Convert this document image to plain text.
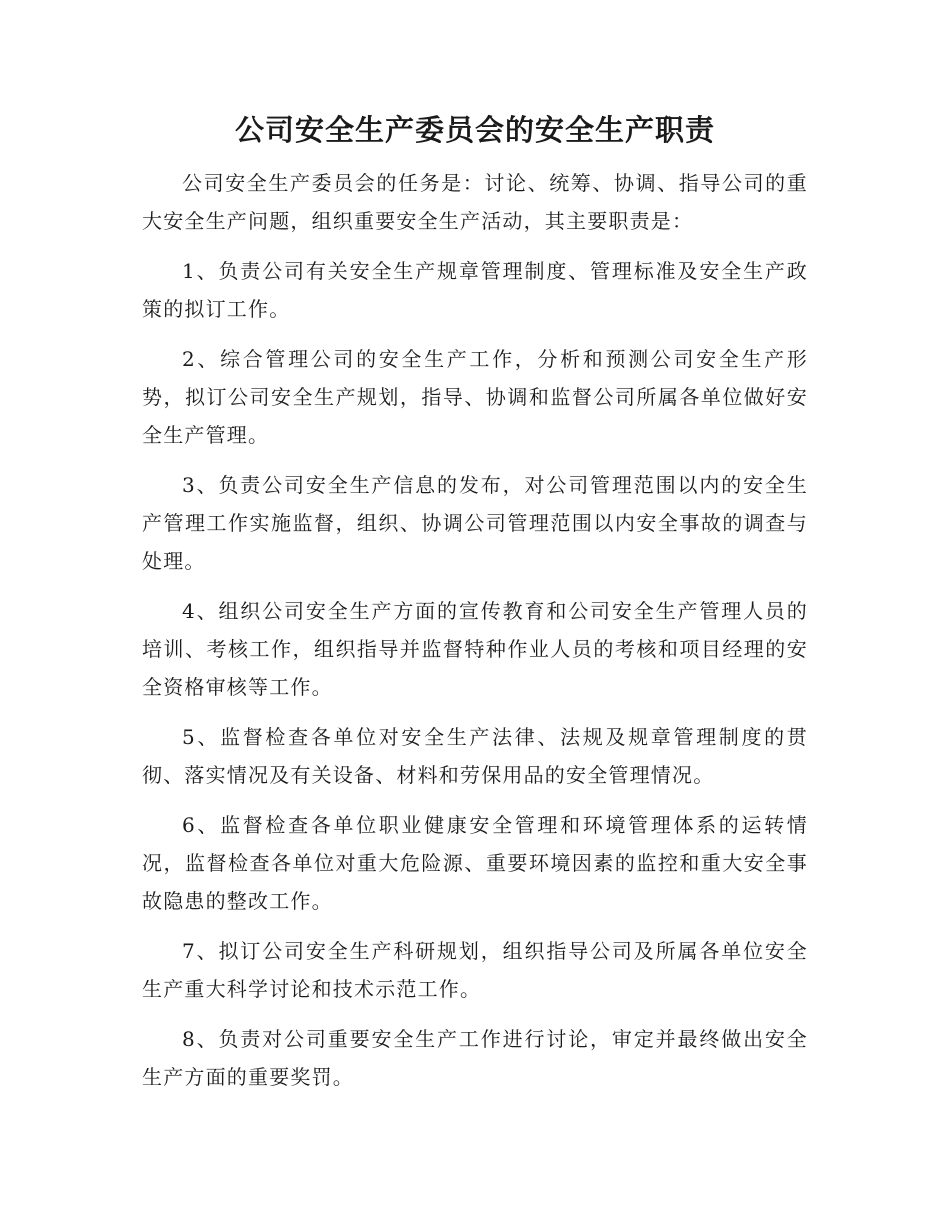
公司安全生产委员会的安全生产职责

公司安全生产委员会的任务是：讨论、统筹、协调、指导公司的重大安全生产问题，组织重要安全生产活动，其主要职责是：

1、负责公司有关安全生产规章管理制度、管理标准及安全生产政策的拟订工作。

2、综合管理公司的安全生产工作，分析和预测公司安全生产形势，拟订公司安全生产规划，指导、协调和监督公司所属各单位做好安全生产管理。

3、负责公司安全生产信息的发布，对公司管理范围以内的安全生产管理工作实施监督，组织、协调公司管理范围以内安全事故的调查与处理。

4、组织公司安全生产方面的宣传教育和公司安全生产管理人员的培训、考核工作，组织指导并监督特种作业人员的考核和项目经理的安全资格审核等工作。

5、监督检查各单位对安全生产法律、法规及规章管理制度的贯彻、落实情况及有关设备、材料和劳保用品的安全管理情况。

6、监督检查各单位职业健康安全管理和环境管理体系的运转情况，监督检查各单位对重大危险源、重要环境因素的监控和重大安全事故隐患的整改工作。

7、拟订公司安全生产科研规划，组织指导公司及所属各单位安全生产重大科学讨论和技术示范工作。

8、负责对公司重要安全生产工作进行讨论，审定并最终做出安全生产方面的重要奖罚。
